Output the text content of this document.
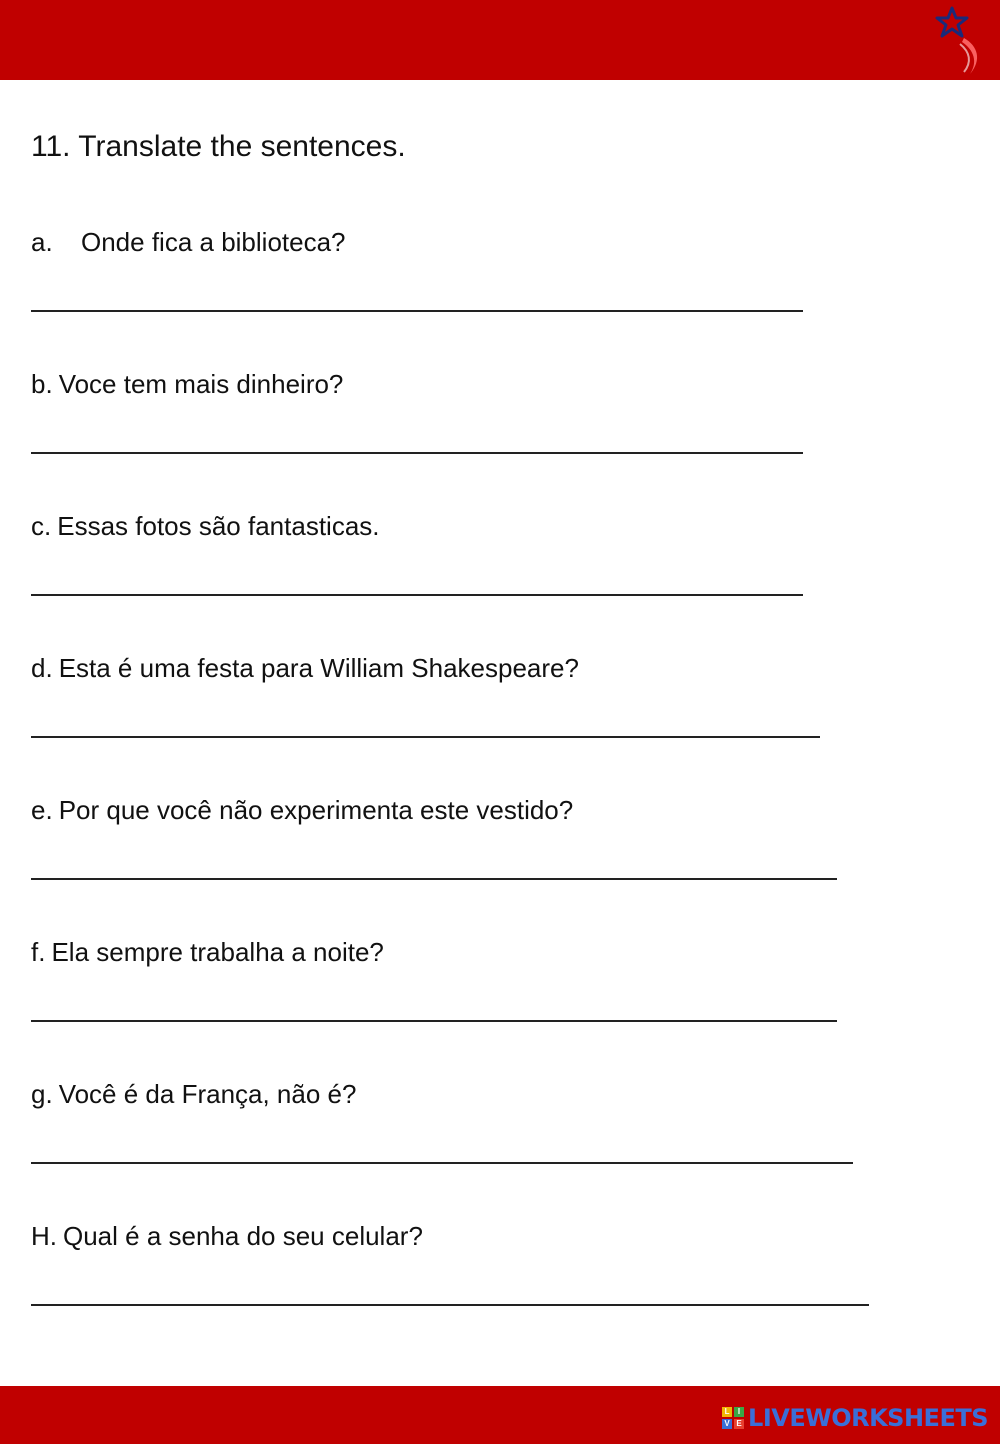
11. Translate the sentences.
a. Onde fica a biblioteca?
b. Voce tem mais dinheiro?
c. Essas fotos são fantasticas.
d. Esta é uma festa para William Shakespeare?
e. Por que você não experimenta este vestido?
f. Ela sempre trabalha a noite?
g. Você é da França, não é?
H. Qual é a senha do seu celular?
L	I
V E LIVEWORKSHEETS
